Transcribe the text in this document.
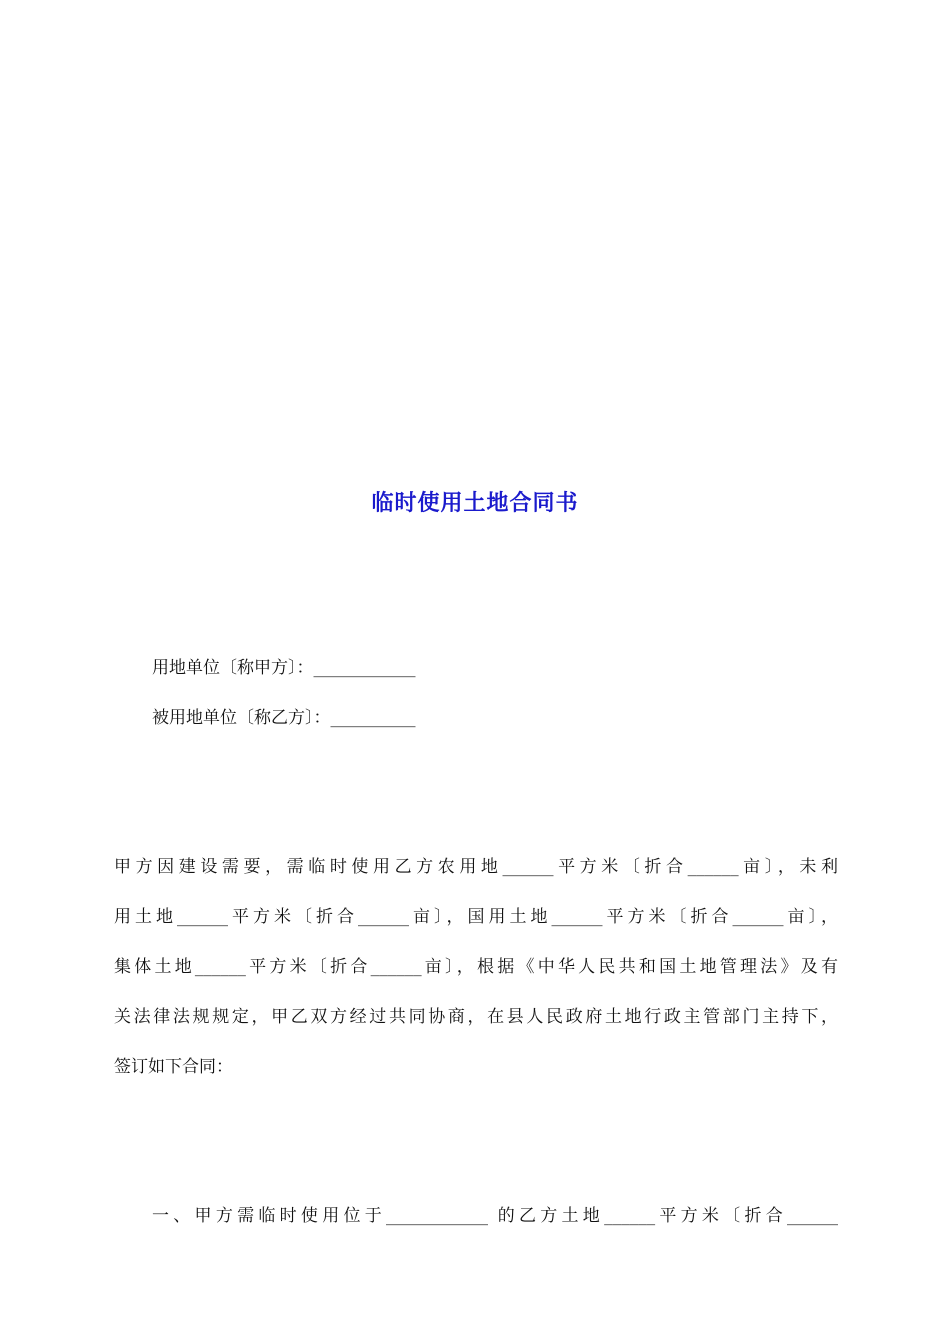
临时使用土地合同书
用地单位〔称甲方〕：____________
被用地单位〔称乙方〕：__________
甲方因建设需要，需临时使用乙方农用地______平方米〔折合______亩〕，未利
用土地______平方米〔折合______亩〕，国用土地______平方米〔折合______亩〕，
集体土地______平方米〔折合______亩〕，根据《中华人民共和国土地管理法》及有
关法律法规规定，甲乙双方经过共同协商，在县人民政府土地行政主管部门主持下，
签订如下合同：
一、甲方需临时使用位于____________ 的乙方土地______平方米〔折合______
